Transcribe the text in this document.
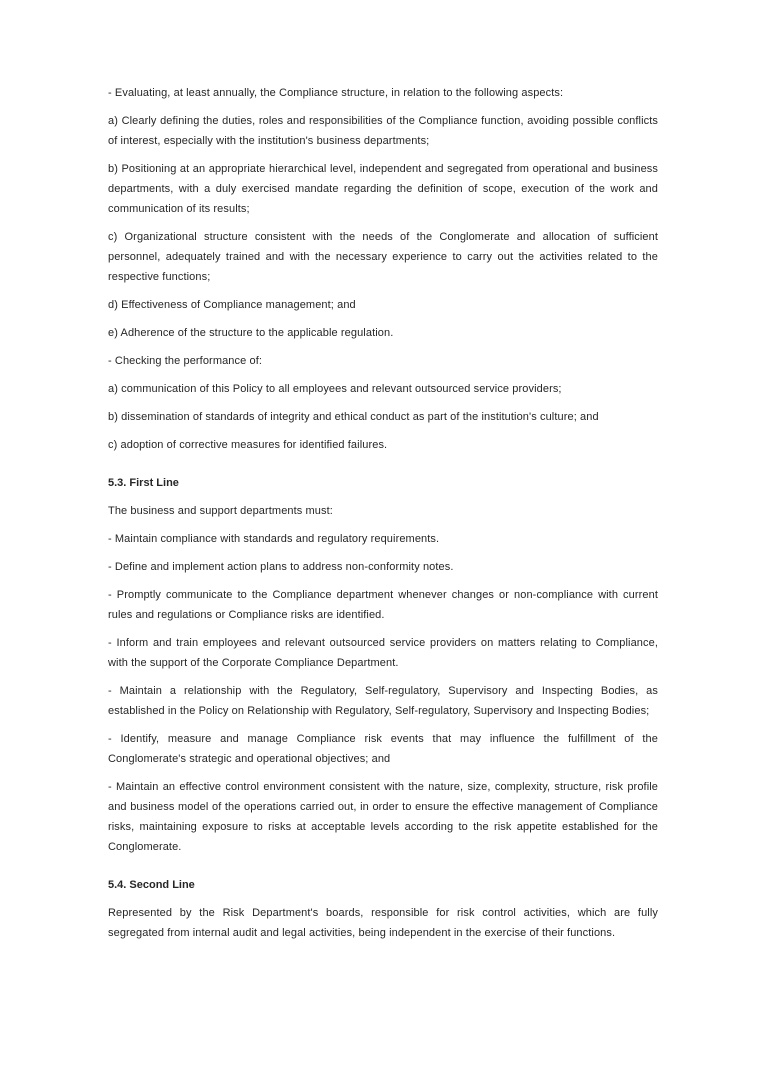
- Evaluating, at least annually, the Compliance structure, in relation to the following aspects:

a) Clearly defining the duties, roles and responsibilities of the Compliance function, avoiding possible conflicts of interest, especially with the institution's business departments;

b) Positioning at an appropriate hierarchical level, independent and segregated from operational and business departments, with a duly exercised mandate regarding the definition of scope, execution of the work and communication of its results;

c) Organizational structure consistent with the needs of the Conglomerate and allocation of sufficient personnel, adequately trained and with the necessary experience to carry out the activities related to the respective functions;

d) Effectiveness of Compliance management; and

e) Adherence of the structure to the applicable regulation.

- Checking the performance of:

a) communication of this Policy to all employees and relevant outsourced service providers;

b) dissemination of standards of integrity and ethical conduct as part of the institution's culture; and

c) adoption of corrective measures for identified failures.

5.3. First Line

The business and support departments must:

- Maintain compliance with standards and regulatory requirements.

- Define and implement action plans to address non-conformity notes.

- Promptly communicate to the Compliance department whenever changes or non-compliance with current rules and regulations or Compliance risks are identified.

- Inform and train employees and relevant outsourced service providers on matters relating to Compliance, with the support of the Corporate Compliance Department.

- Maintain a relationship with the Regulatory, Self-regulatory, Supervisory and Inspecting Bodies, as established in the Policy on Relationship with Regulatory, Self-regulatory, Supervisory and Inspecting Bodies;

- Identify, measure and manage Compliance risk events that may influence the fulfillment of the Conglomerate's strategic and operational objectives; and

- Maintain an effective control environment consistent with the nature, size, complexity, structure, risk profile and business model of the operations carried out, in order to ensure the effective management of Compliance risks, maintaining exposure to risks at acceptable levels according to the risk appetite established for the Conglomerate.

5.4. Second Line

Represented by the Risk Department's boards, responsible for risk control activities, which are fully segregated from internal audit and legal activities, being independent in the exercise of their functions.
